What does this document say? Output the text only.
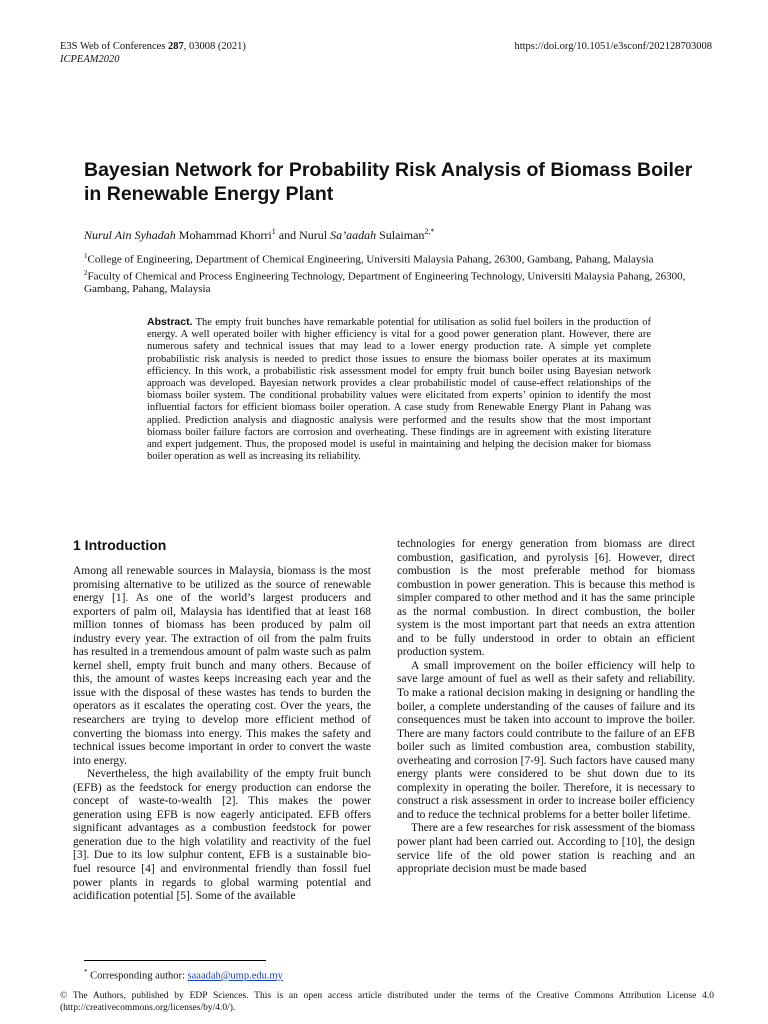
E3S Web of Conferences 287, 03008 (2021)
ICPEAM2020
https://doi.org/10.1051/e3sconf/202128703008
Bayesian Network for Probability Risk Analysis of Biomass Boiler in Renewable Energy Plant
Nurul Ain Syhadah Mohammad Khorri$^1$ and Nurul Sa’aadah Sulaiman$^{2,*}$

$^1$College of Engineering, Department of Chemical Engineering, Universiti Malaysia Pahang, 26300, Gambang, Pahang, Malaysia

$^2$Faculty of Chemical and Process Engineering Technology, Department of Engineering Technology, Universiti Malaysia Pahang, 26300, Gambang, Pahang, Malaysia

Abstract. The empty fruit bunches have remarkable potential for utilisation as solid fuel boilers in the production of energy. A well operated boiler with higher efficiency is vital for a good power generation plant. However, there are numerous safety and technical issues that may lead to a lower energy production rate. A simple yet complete probabilistic risk analysis is needed to predict those issues to ensure the biomass boiler operates at its maximum efficiency. In this work, a probabilistic risk assessment model for empty fruit bunch boiler using Bayesian network approach was developed. Bayesian network provides a clear probabilistic model of cause-effect relationships of the biomass boiler system. The conditional probability values were elicitated from experts’ opinion to identify the most influential factors for efficient biomass boiler operation. A case study from Renewable Energy Plant in Pahang was applied. Prediction analysis and diagnostic analysis were performed and the results show that the most important biomass boiler failure factors are corrosion and overheating. These findings are in agreement with existing literature and expert judgement. Thus, the proposed model is useful in maintaining and helping the decision maker for biomass boiler operation as well as increasing its reliability.

1 Introduction

Among all renewable sources in Malaysia, biomass is the most promising alternative to be utilized as the source of renewable energy [1]. As one of the world’s largest producers and exporters of palm oil, Malaysia has identified that at least 168 million tonnes of biomass has been produced by palm oil industry every year. The extraction of oil from the palm fruits has resulted in a tremendous amount of palm waste such as palm kernel shell, empty fruit bunch and many others. Because of this, the amount of wastes keeps increasing each year and the issue with the disposal of these wastes has tends to burden the operators as it escalates the operating cost. Over the years, the researchers are trying to develop more efficient method of converting the biomass into energy. This makes the safety and technical issues become important in order to convert the waste into energy.

Nevertheless, the high availability of the empty fruit bunch (EFB) as the feedstock for energy production can endorse the concept of waste-to-wealth [2]. This makes the power generation using EFB is now eagerly anticipated. EFB offers significant advantages as a combustion feedstock for power generation due to the high volatility and reactivity of the fuel [3]. Due to its low sulphur content, EFB is a sustainable bio- fuel resource [4] and environmental friendly than fossil fuel power plants in regards to global warming potential and acidification potential [5]. Some of the available

technologies for energy generation from biomass are direct combustion, gasification, and pyrolysis [6]. However, direct combustion is the most preferable method for biomass combustion in power generation. This is because this method is simpler compared to other method and it has the same principle as the normal combustion. In direct combustion, the boiler system is the most important part that needs an extra attention and to be fully understood in order to obtain an efficient production system.

A small improvement on the boiler efficiency will help to save large amount of fuel as well as their safety and reliability. To make a rational decision making in designing or handling the boiler, a complete understanding of the causes of failure and its consequences must be taken into account to improve the boiler. There are many factors could contribute to the failure of an EFB boiler such as limited combustion area, combustion stability, overheating and corrosion [7-9]. Such factors have caused many energy plants were considered to be shut down due to its complexity in operating the boiler. Therefore, it is necessary to construct a risk assessment in order to increase boiler efficiency and to reduce the technical problems for a better boiler lifetime.

There are a few researches for risk assessment of the biomass power plant had been carried out. According to [10], the design service life of the old power station is reaching and an appropriate decision must be made based

* Corresponding author: saaadah@ump.edu.my

© The Authors, published by EDP Sciences. This is an open access article distributed under the terms of the Creative Commons Attribution License 4.0 (http://creativecommons.org/licenses/by/4.0/).
